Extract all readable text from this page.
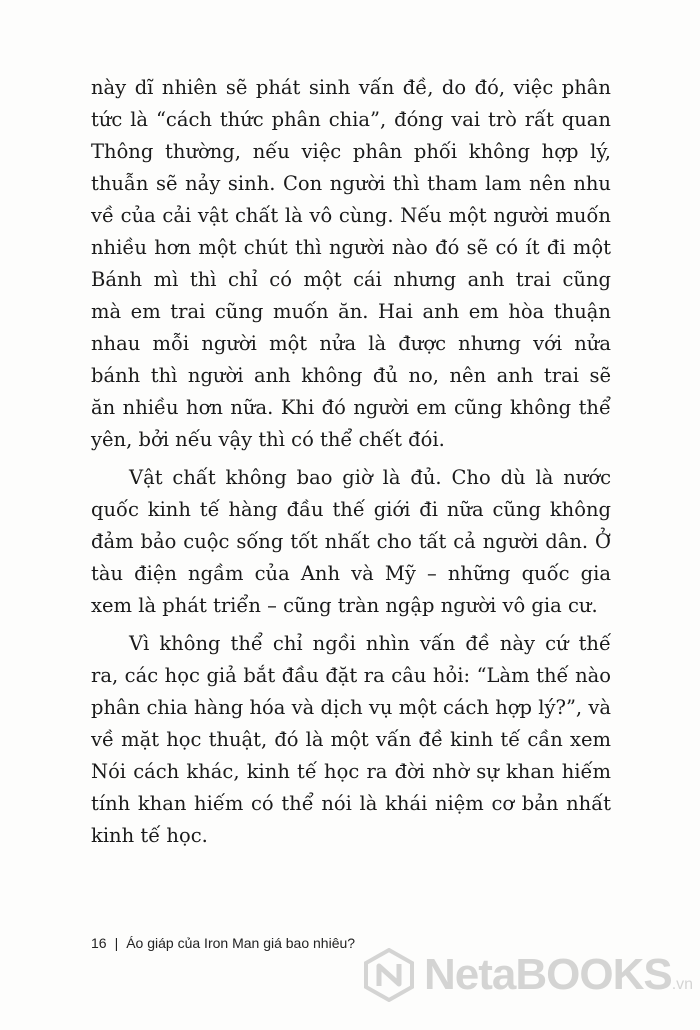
này dĩ nhiên sẽ phát sinh vấn đề, do đó, việc phân
tức là “cách thức phân chia”, đóng vai trò rất quan
Thông thường, nếu việc phân phối không hợp lý,
thuẫn sẽ nảy sinh. Con người thì tham lam nên nhu
về của cải vật chất là vô cùng. Nếu một người muốn
nhiều hơn một chút thì người nào đó sẽ có ít đi một
Bánh mì thì chỉ có một cái nhưng anh trai cũng
mà em trai cũng muốn ăn. Hai anh em hòa thuận
nhau mỗi người một nửa là được nhưng với nửa
bánh thì người anh không đủ no, nên anh trai sẽ
ăn nhiều hơn nữa. Khi đó người em cũng không thể
yên, bởi nếu vậy thì có thể chết đói.
Vật chất không bao giờ là đủ. Cho dù là nước
quốc kinh tế hàng đầu thế giới đi nữa cũng không
đảm bảo cuộc sống tốt nhất cho tất cả người dân. Ở
tàu điện ngầm của Anh và Mỹ – những quốc gia
xem là phát triển – cũng tràn ngập người vô gia cư.
Vì không thể chỉ ngồi nhìn vấn đề này cứ thế
ra, các học giả bắt đầu đặt ra câu hỏi: “Làm thế nào
phân chia hàng hóa và dịch vụ một cách hợp lý?”, và
về mặt học thuật, đó là một vấn đề kinh tế cần xem
Nói cách khác, kinh tế học ra đời nhờ sự khan hiếm
tính khan hiếm có thể nói là khái niệm cơ bản nhất
kinh tế học.
16 | Áo giáp của Iron Man giá bao nhiêu?
NetaBOOKS.vn
